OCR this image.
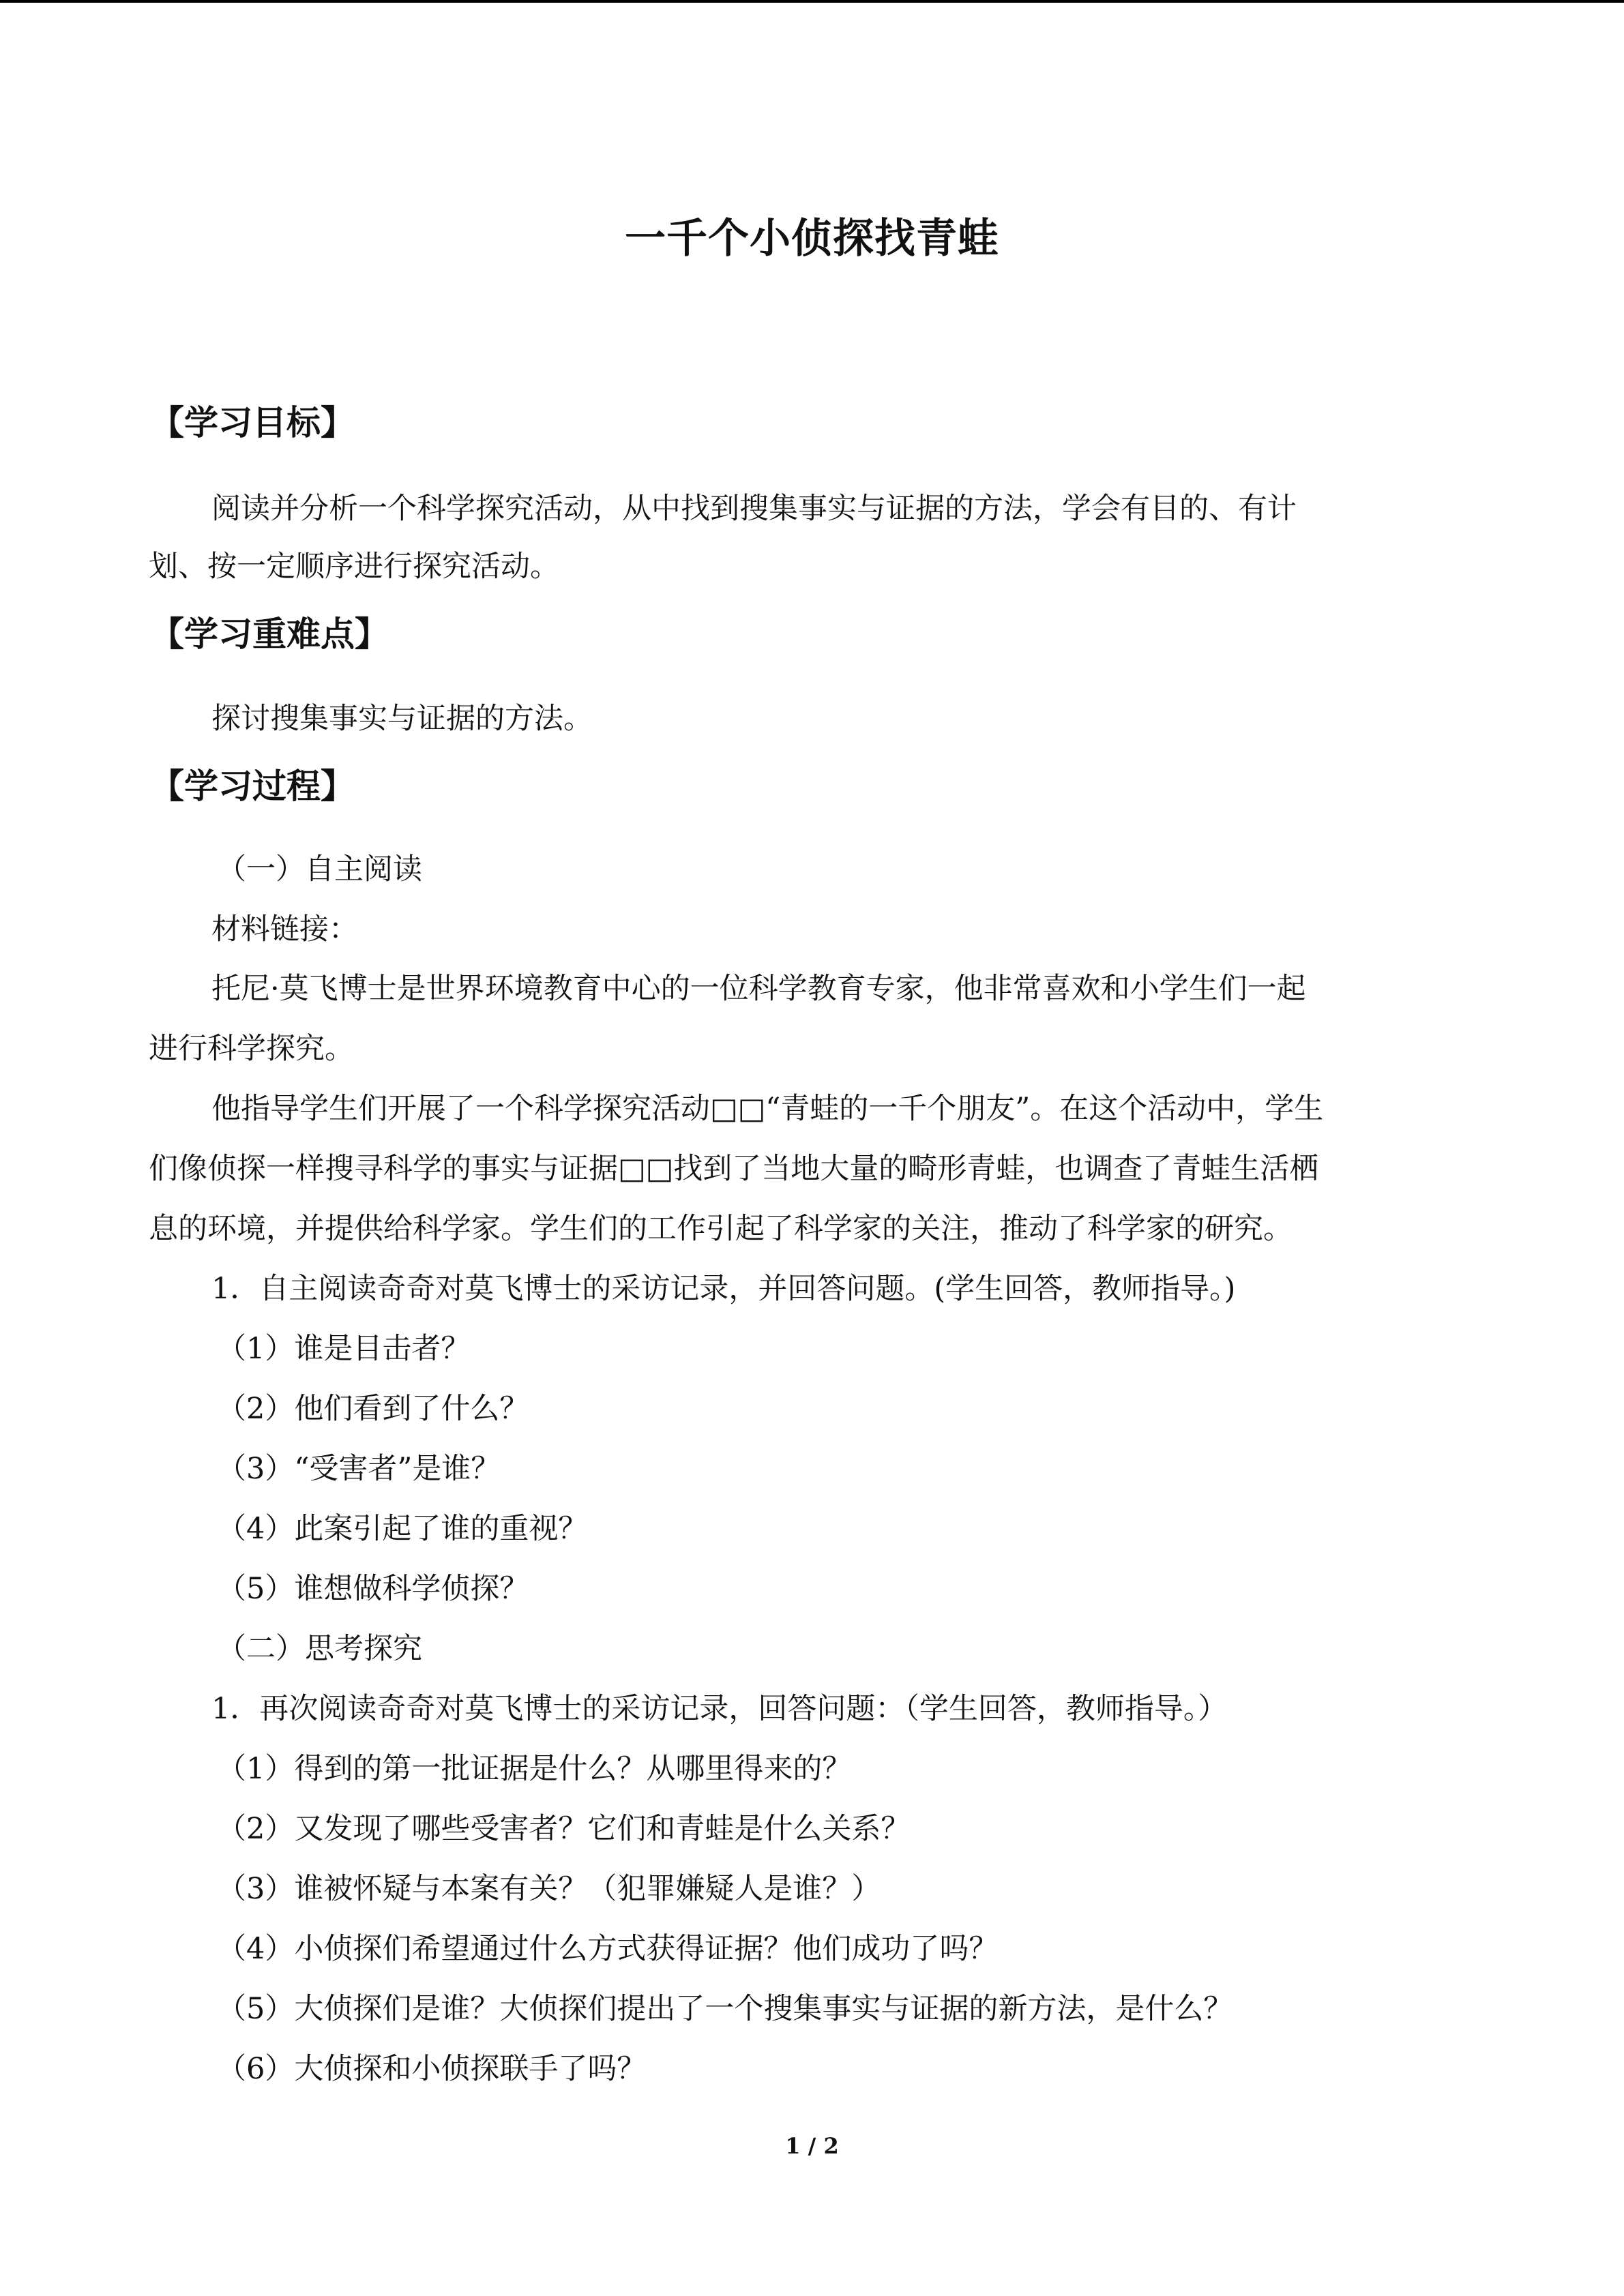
一千个小侦探找青蛙
【学习目标】
阅读并分析一个科学探究活动，从中找到搜集事实与证据的方法，学会有目的、有计
划、按一定顺序进行探究活动。
【学习重难点】
探讨搜集事实与证据的方法。
【学习过程】
（一）自主阅读
材料链接：
托尼·莫飞博士是世界环境教育中心的一位科学教育专家，他非常喜欢和小学生们一起
进行科学探究。
他指导学生们开展了一个科学探究活动□□“青蛙的一千个朋友”。在这个活动中，学生
们像侦探一样搜寻科学的事实与证据□□找到了当地大量的畸形青蛙，也调查了青蛙生活栖
息的环境，并提供给科学家。学生们的工作引起了科学家的关注，推动了科学家的研究。
1．自主阅读奇奇对莫飞博士的采访记录，并回答问题。(学生回答，教师指导。)
（1）谁是目击者？
（2）他们看到了什么？
（3）“受害者”是谁？
（4）此案引起了谁的重视？
（5）谁想做科学侦探？
（二）思考探究
1．再次阅读奇奇对莫飞博士的采访记录，回答问题：（学生回答，教师指导。）
（1）得到的第一批证据是什么？从哪里得来的？
（2）又发现了哪些受害者？它们和青蛙是什么关系？
（3）谁被怀疑与本案有关？（犯罪嫌疑人是谁？）
（4）小侦探们希望通过什么方式获得证据？他们成功了吗？
（5）大侦探们是谁？大侦探们提出了一个搜集事实与证据的新方法，是什么？
（6）大侦探和小侦探联手了吗？
1 / 2
